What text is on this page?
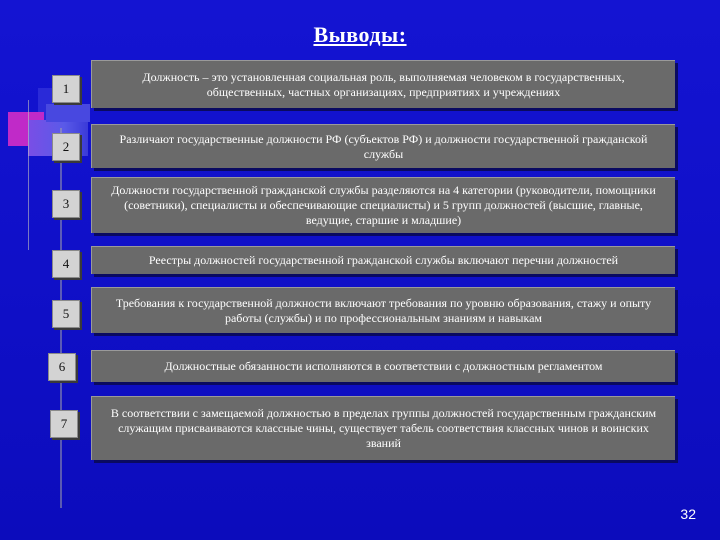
Выводы:
1
Должность – это установленная социальная роль, выполняемая человеком в государственных, общественных, частных организациях, предприятиях и учреждениях
2
Различают государственные должности РФ (субъектов РФ) и должности государственной гражданской службы
3
Должности государственной гражданской службы разделяются на 4 категории (руководители, помощники (советники), специалисты и обеспечивающие специалисты) и 5 групп должностей (высшие, главные, ведущие, старшие и младшие)
4	Реестры должностей государственной гражданской службы включают перечни должностей
5
Требования к государственной должности включают требования по уровню образования, стажу и опыту работы (службы) и по профессиональным знаниям и навыкам
6	Должностные обязанности исполняются в соответствии с должностным регламентом
7
В соответствии с замещаемой должностью в пределах группы должностей государственным гражданским служащим присваиваются классные чины, существует табель соответствия классных чинов и воинских званий
32
